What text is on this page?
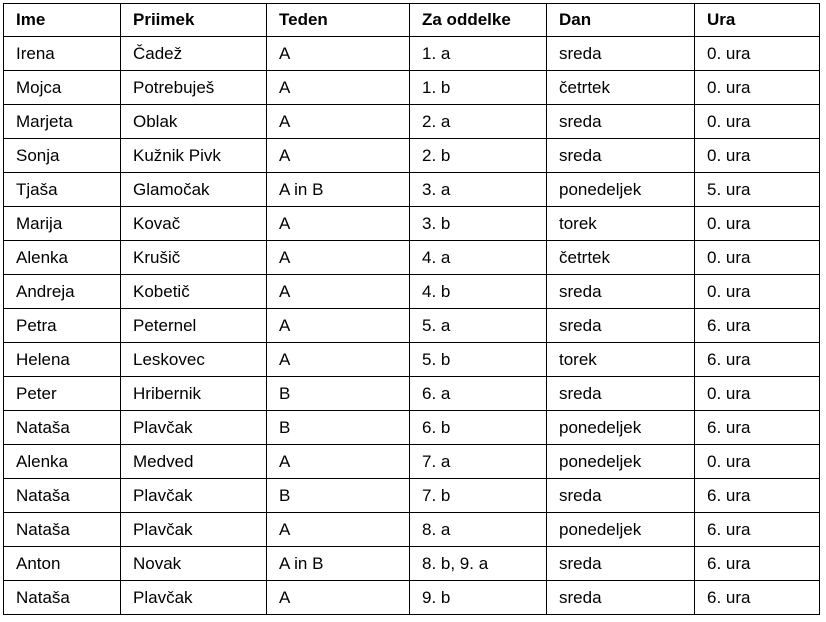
Ime	Priimek	Teden	Za oddelke	Dan	Ura
Irena	Čadež	A	1. a	sreda	0. ura
Mojca	Potrebuješ	A	1. b	četrtek	0. ura
Marjeta	Oblak	A	2. a	sreda	0. ura
Sonja	Kužnik Pivk	A	2. b	sreda	0. ura
Tjaša	Glamočak	A in B	3. a	ponedeljek	5. ura
Marija	Kovač	A	3. b	torek	0. ura
Alenka	Krušič	A	4. a	četrtek	0. ura
Andreja	Kobetič	A	4. b	sreda	0. ura
Petra	Peternel	A	5. a	sreda	6. ura
Helena	Leskovec	A	5. b	torek	6. ura
Peter	Hribernik	B	6. a	sreda	0. ura
Nataša	Plavčak	B	6. b	ponedeljek	6. ura
Alenka	Medved	A	7. a	ponedeljek	0. ura
Nataša	Plavčak	B	7. b	sreda	6. ura
Nataša	Plavčak	A	8. a	ponedeljek	6. ura
Anton	Novak	A in B	8. b, 9. a	sreda	6. ura
Nataša	Plavčak	A	9. b	sreda	6. ura
